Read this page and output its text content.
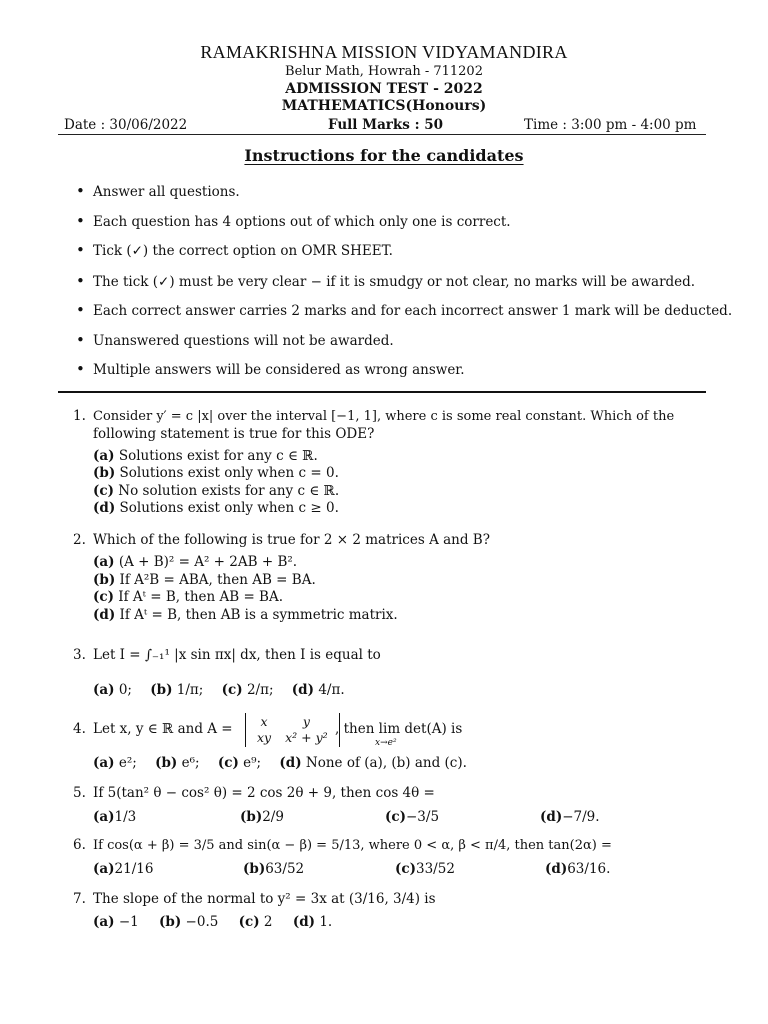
RAMAKRISHNA MISSION VIDYAMANDIRA
Belur Math, Howrah - 711202
ADMISSION TEST - 2022
MATHEMATICS(Honours)
Date : 30/06/2022	Full Marks : 50	Time : 3:00 pm - 4:00 pm
Instructions for the candidates
• Answer all questions.
• Each question has 4 options out of which only one is correct.
• Tick (✓) the correct option on OMR SHEET.
• The tick (✓) must be very clear − if it is smudgy or not clear, no marks will be awarded.
• Each correct answer carries 2 marks and for each incorrect answer 1 mark will be deducted.
• Unanswered questions will not be awarded.
• Multiple answers will be considered as wrong answer.
1. Consider y′ = c |x| over the interval [−1, 1], where c is some real constant. Which of the
following statement is true for this ODE?
(a) Solutions exist for any c ∈ ℝ.
(b) Solutions exist only when c = 0.
(c) No solution exists for any c ∈ ℝ.
(d) Solutions exist only when c ≥ 0.
2. Which of the following is true for 2 × 2 matrices A and B?
(a) (A + B)² = A² + 2AB + B².
(b) If A²B = ABA, then AB = BA.
(c) If Aᵗ = B, then AB = BA.
(d) If Aᵗ = B, then AB is a symmetric matrix.
3. Let I = ∫₋₁¹ |x sin πx| dx, then I is equal to
(a) 0; (b) 1/π; (c) 2/π; (d) 4/π.
4. Let x, y ∈ ℝ and A = x	y
xy	x² + y²
, then lim det(A) is
x→e²
(a) e²; (b) e⁶; (c) e⁹; (d) None of (a), (b) and (c).
5. If 5(tan² θ − cos² θ) = 2 cos 2θ + 9, then cos 4θ =
(a)1/3	(b)2/9	(c)−3/5	(d)−7/9.
6. If cos(α + β) = 3/5 and sin(α − β) = 5/13, where 0 < α, β < π/4, then tan(2α) =
(a)21/16	(b)63/52	(c)33/52	(d)63/16.
7. The slope of the normal to y² = 3x at (3/16, 3/4) is
(a) −1 (b) −0.5 (c) 2 (d) 1.
